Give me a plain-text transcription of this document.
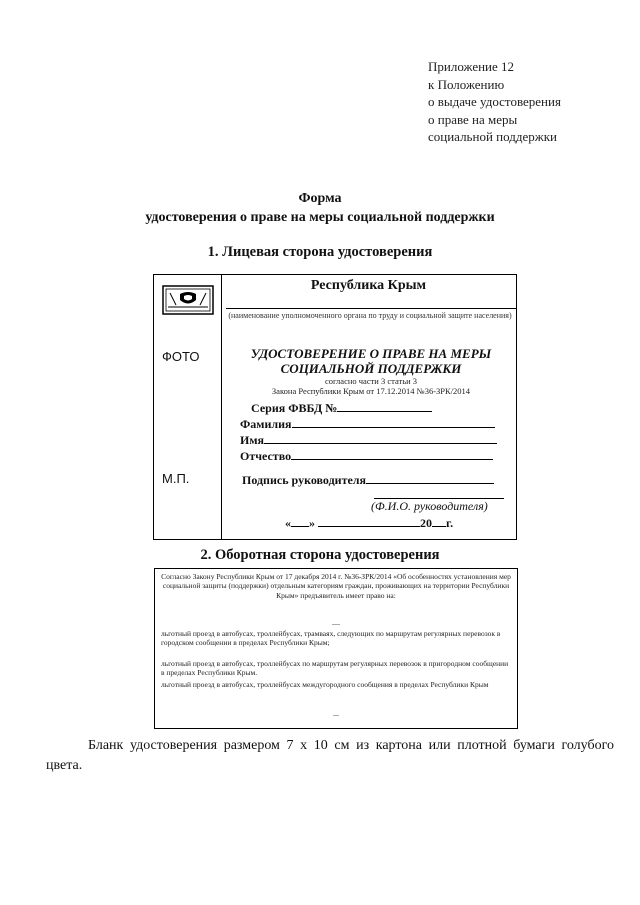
Приложение 12
к Положению
о выдаче удостоверения
о праве на меры
социальной поддержки
Форма
удостоверения о праве на меры социальной поддержки
1. Лицевая сторона удостоверения
ФОТО
М.П.
Республика Крым
(наименование уполномоченного органа по труду и социальной защите населения)
УДОСТОВЕРЕНИЕ О ПРАВЕ НА МЕРЫ СОЦИАЛЬНОЙ ПОДДЕРЖКИ
согласно части 3 статьи 3
Закона Республики Крым от 17.12.2014 №36-ЗРК/2014
Серия ФВБД №
Фамилия
Имя
Отчество
Подпись руководителя
(Ф.И.О. руководителя)
« »	20 г.
2. Оборотная сторона удостоверения
Согласно Закону Республики Крым от 17 декабря 2014 г. №36-ЗРК/2014 «Об особенностях установления мер социальной защиты (поддержки) отдельным категориям граждан, проживающих на территории Республики Крым» предъявитель имеет право на:
....
льготный проезд в автобусах, троллейбусах, трамваях, следующих по маршрутам регулярных перевозок в городском сообщении в пределах Республики Крым;
льготный проезд в автобусах, троллейбусах по маршрутам регулярных перевозок в пригородном сообщении в пределах Республики Крым.
льготный проезд в автобусах, троллейбусах междугородного сообщения в пределах Республики Крым
...
Бланк удостоверения размером 7 х 10 см из картона или плотной бумаги голубого цвета.
